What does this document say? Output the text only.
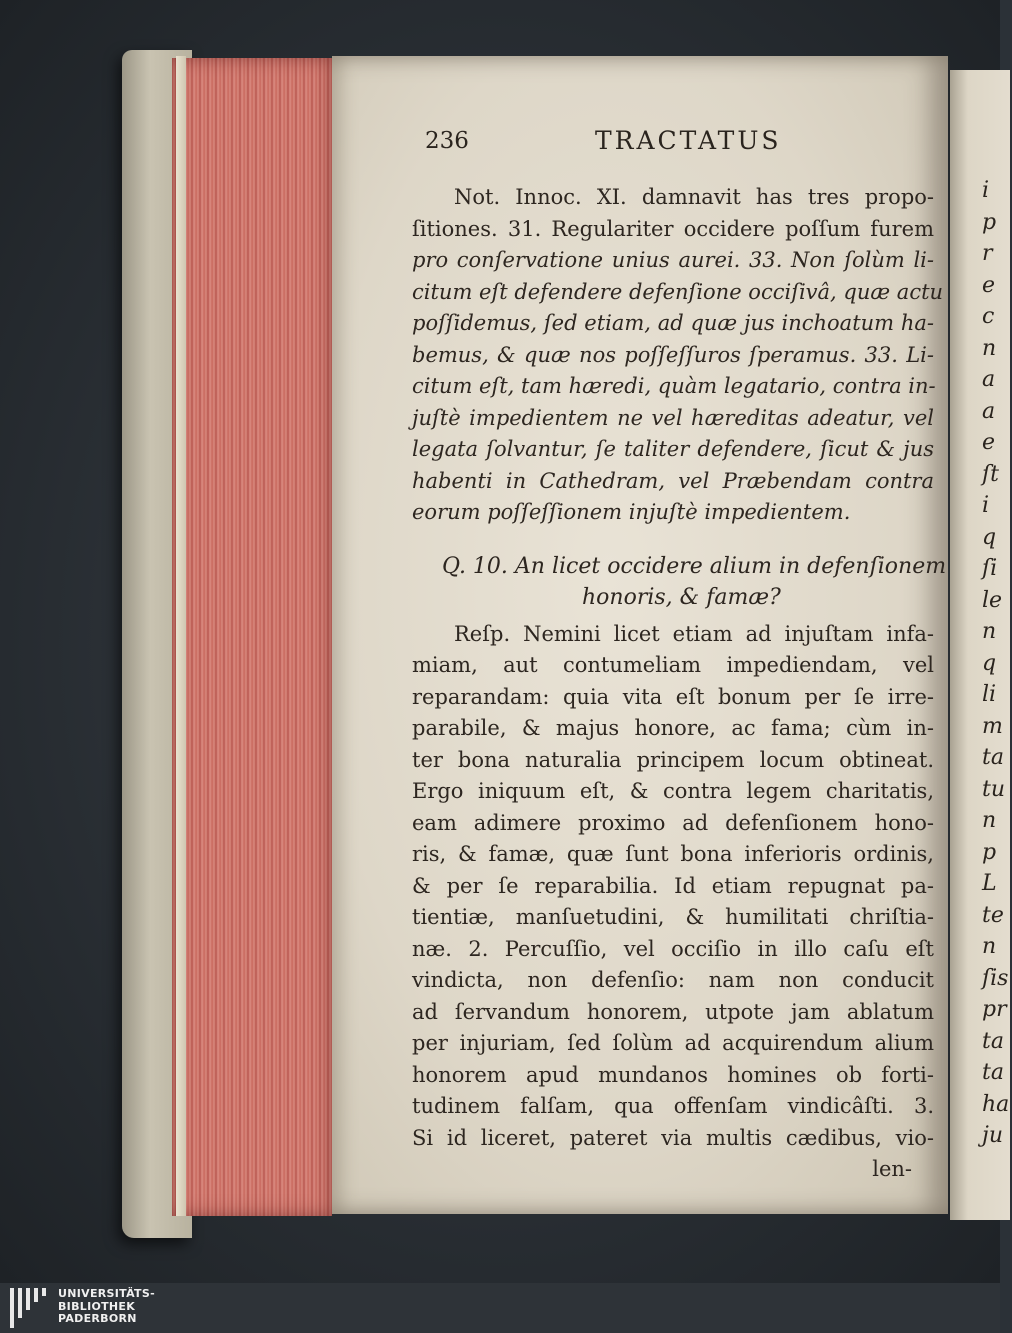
i
p
r
e
c
n
a
a
e
ſt
i
q
ſi
le
n
q
li
m
ta
tu
n
p
L
te
n
ſis
pr
ta
ta
ha
ju
236	TRACTATUS
Not. Innoc. XI. damnavit has tres propo-
ſitiones. 31. Regulariter occidere poſſum furem
pro conſervatione unius aurei. 33. Non ſolùm li-
citum eſt defendere defenſione occiſivâ, quæ actu
poſſidemus, ſed etiam, ad quæ jus inchoatum ha-
bemus, & quæ nos poſſeſſuros ſperamus. 33. Li-
citum eſt, tam hæredi, quàm legatario, contra in-
juſtè impedientem ne vel hæreditas adeatur, vel
legata ſolvantur, ſe taliter defendere, ſicut & jus
habenti in Cathedram, vel Præbendam contra
eorum poſſeſſionem injuſtè impedientem.
Q. 10. An licet occidere alium in defenſionem
honoris, & famæ?
Reſp. Nemini licet etiam ad injuſtam infa-
miam, aut contumeliam impediendam, vel
reparandam: quia vita eſt bonum per ſe irre-
parabile, & majus honore, ac fama; cùm in-
ter bona naturalia principem locum obtineat.
Ergo iniquum eſt, & contra legem charitatis,
eam adimere proximo ad defenſionem hono-
ris, & famæ, quæ ſunt bona inferioris ordinis,
& per ſe reparabilia. Id etiam repugnat pa-
tientiæ, manſuetudini, & humilitati chriſtia-
næ. 2. Percuſſio, vel occiſio in illo caſu eſt
vindicta, non defenſio: nam non conducit
ad ſervandum honorem, utpote jam ablatum
per injuriam, ſed ſolùm ad acquirendum alium
honorem apud mundanos homines ob forti-
tudinem falſam, qua offenſam vindicâſti. 3.
Si id liceret, pateret via multis cædibus, vio-
len-
UNIVERSITÄTS-
BIBLIOTHEK
PADERBORN
